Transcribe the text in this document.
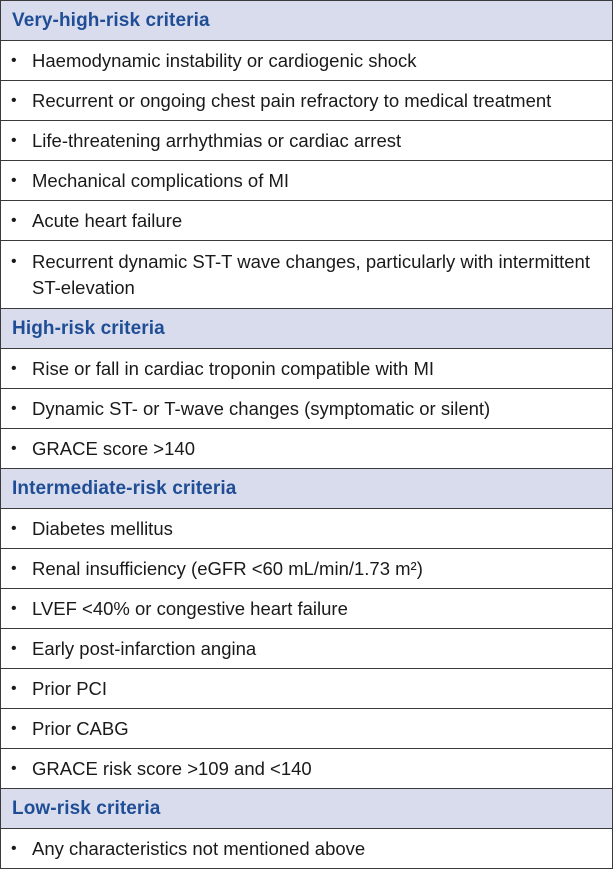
Very-high-risk criteria

• Haemodynamic instability or cardiogenic shock

• Recurrent or ongoing chest pain refractory to medical treatment

• Life-threatening arrhythmias or cardiac arrest

• Mechanical complications of MI

• Acute heart failure

• Recurrent dynamic ST-T wave changes, particularly with intermittent ST-elevation

High-risk criteria

• Rise or fall in cardiac troponin compatible with MI

• Dynamic ST- or T-wave changes (symptomatic or silent)

• GRACE score >140

Intermediate-risk criteria

• Diabetes mellitus

• Renal insufficiency (eGFR <60 mL/min/1.73 m²)

• LVEF <40% or congestive heart failure

• Early post-infarction angina

• Prior PCI

• Prior CABG

• GRACE risk score >109 and <140

Low-risk criteria

• Any characteristics not mentioned above
